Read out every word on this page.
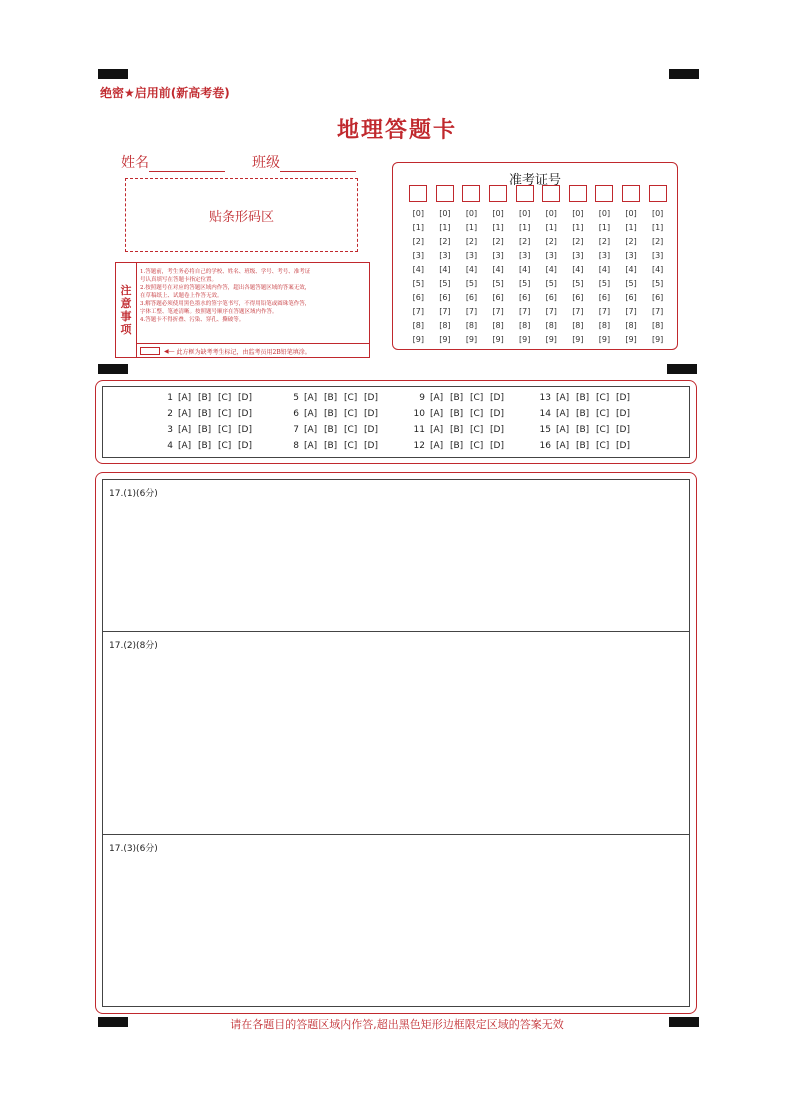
绝密★启用前(新高考卷)
地理答题卡
姓名	班级
贴条形码区
注
意
事
项
1.答题前，考生务必将自己的学校、姓名、班级、学号、考号、准考证
号认真填写在答题卡指定位置。
2.按照题号在对应的答题区域内作答，超出各题答题区域的答案无效，
在草稿纸上、试题卷上作答无效。
3.解答题必须使用黑色墨水的签字笔书写，不得用铅笔或圆珠笔作答，
字体工整、笔迹清晰。按照题号顺序在答题区域内作答。
4.答题卡不得折叠、污染、穿孔、撕破等。
◀—
此方框为缺考考生标记，由监考员用2B铅笔填涂。
准考证号
[0]
[1]
[2]
[3]
[4]
[5]
[6]
[7]
[8]
[9]
[0]
[1]
[2]
[3]
[4]
[5]
[6]
[7]
[8]
[9]
[0]
[1]
[2]
[3]
[4]
[5]
[6]
[7]
[8]
[9]
[0]
[1]
[2]
[3]
[4]
[5]
[6]
[7]
[8]
[9]
[0]
[1]
[2]
[3]
[4]
[5]
[6]
[7]
[8]
[9]
[0]
[1]
[2]
[3]
[4]
[5]
[6]
[7]
[8]
[9]
[0]
[1]
[2]
[3]
[4]
[5]
[6]
[7]
[8]
[9]
[0]
[1]
[2]
[3]
[4]
[5]
[6]
[7]
[8]
[9]
[0]
[1]
[2]
[3]
[4]
[5]
[6]
[7]
[8]
[9]
[0]
[1]
[2]
[3]
[4]
[5]
[6]
[7]
[8]
[9]
1 [A] [B] [C] [D]
2 [A] [B] [C] [D]
3 [A] [B] [C] [D]
4 [A] [B] [C] [D]
5 [A] [B] [C] [D]
6 [A] [B] [C] [D]
7 [A] [B] [C] [D]
8 [A] [B] [C] [D]
9 [A] [B] [C] [D]
10 [A] [B] [C] [D]
11 [A] [B] [C] [D]
12 [A] [B] [C] [D]
13 [A] [B] [C] [D]
14 [A] [B] [C] [D]
15 [A] [B] [C] [D]
16 [A] [B] [C] [D]
17.(1)(6分)
17.(2)(8分)
17.(3)(6分)
请在各题目的答题区域内作答,超出黑色矩形边框限定区域的答案无效
